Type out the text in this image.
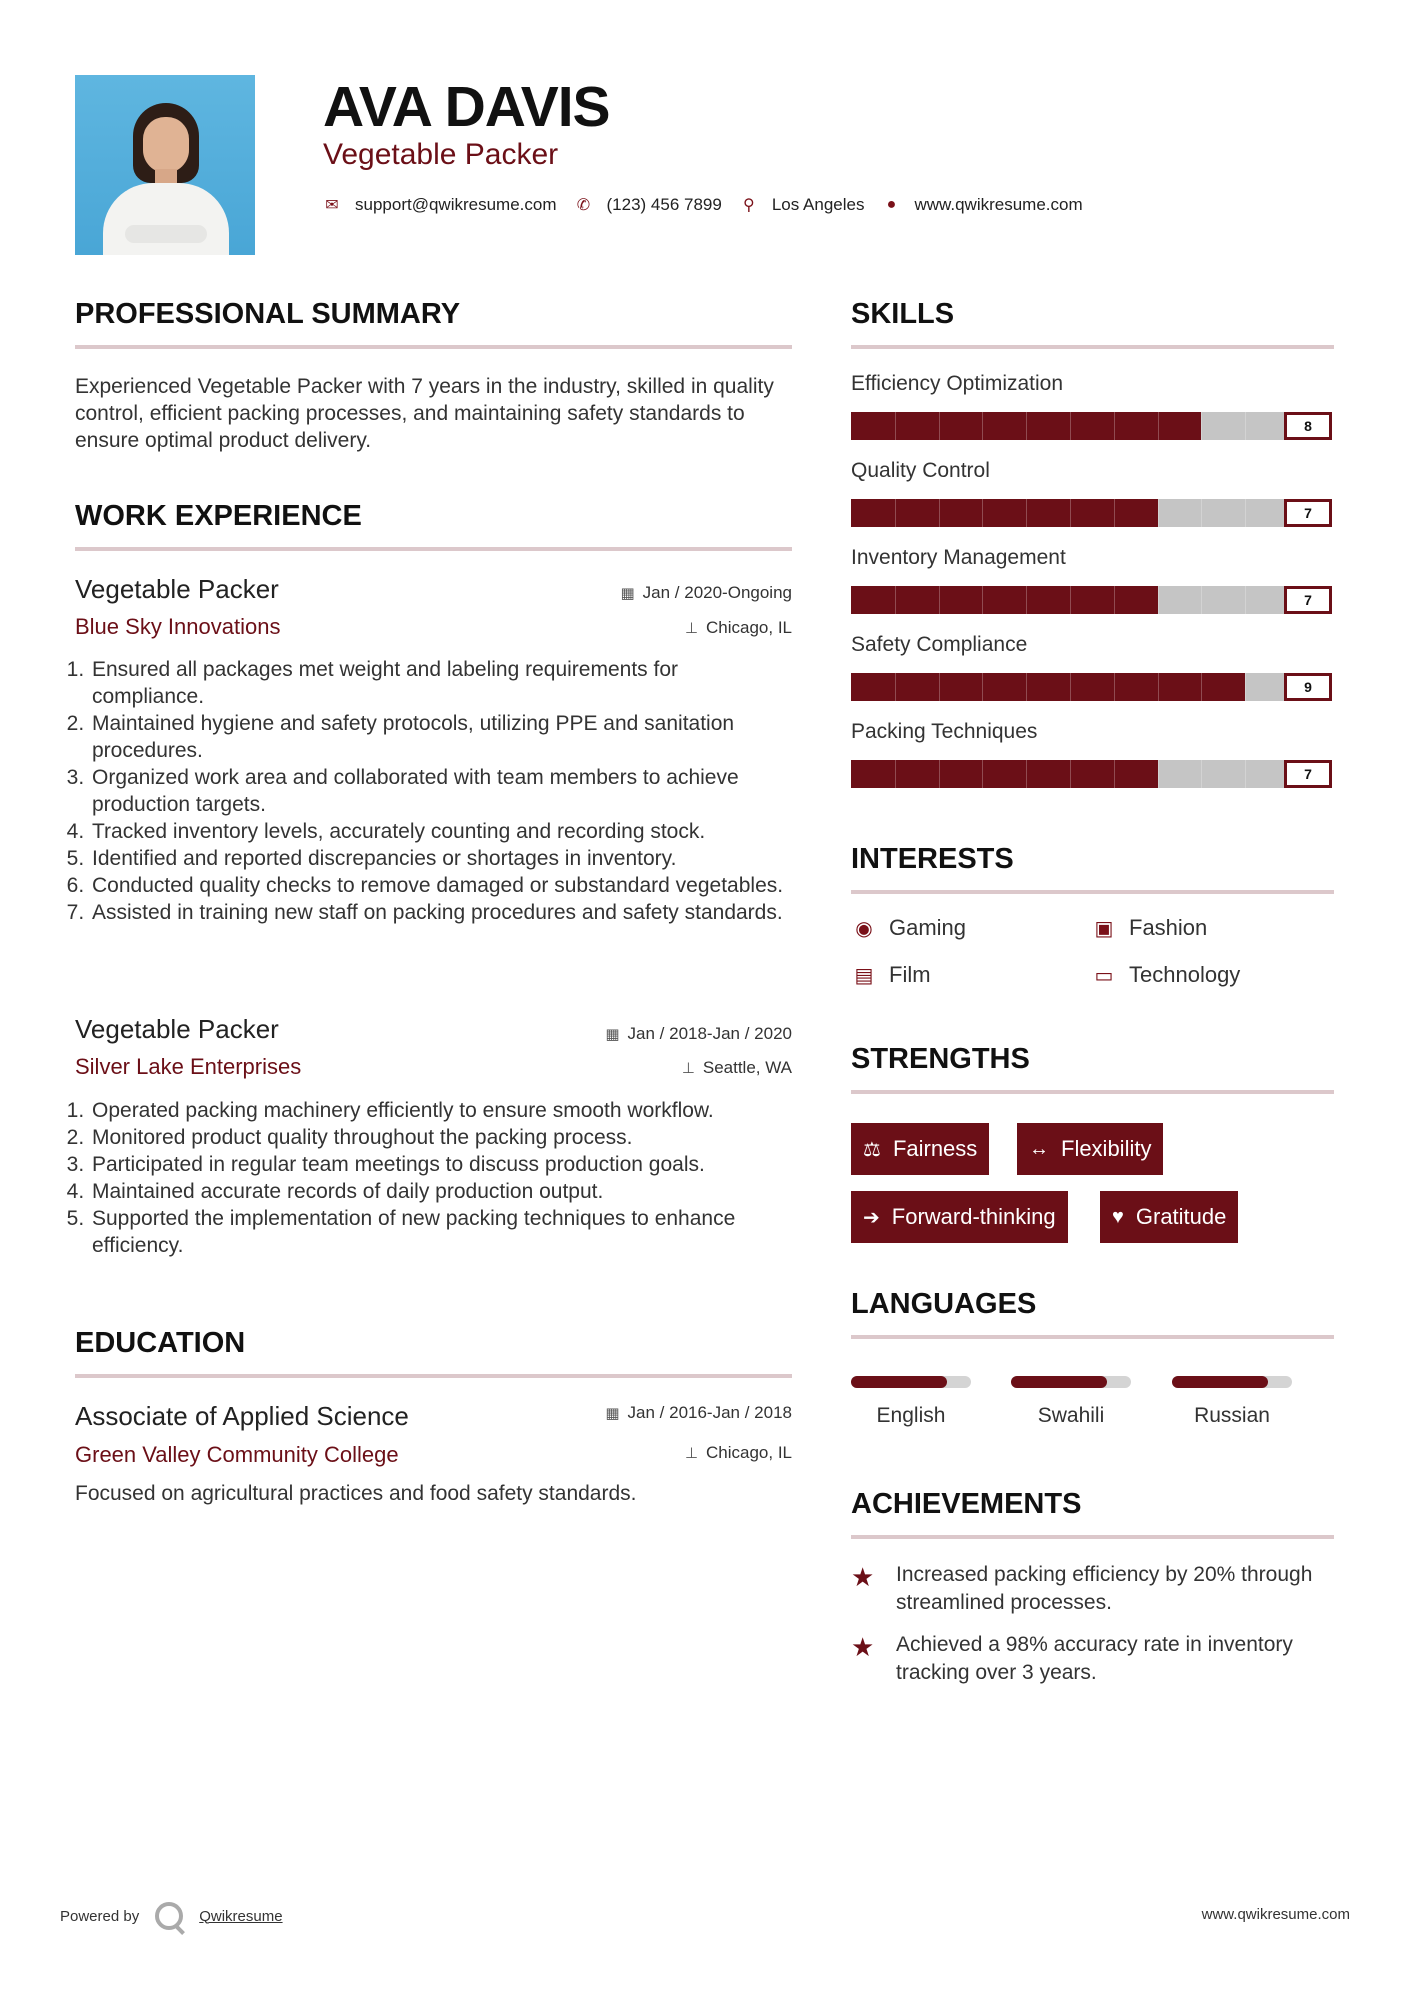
AVA DAVIS
Vegetable Packer
✉ support@qwikresume.com ✆ (123) 456 7899 ⚲ Los Angeles ● www.qwikresume.com
PROFESSIONAL SUMMARY
Experienced Vegetable Packer with 7 years in the industry, skilled in quality control, efficient packing processes, and maintaining safety standards to ensure optimal product delivery.
WORK EXPERIENCE
Vegetable Packer	▦ Jan / 2020-Ongoing
Blue Sky Innovations	⊥ Chicago, IL
1. Ensured all packages met weight and labeling requirements for compliance.
2. Maintained hygiene and safety protocols, utilizing PPE and sanitation procedures.
3. Organized work area and collaborated with team members to achieve production targets.
4. Tracked inventory levels, accurately counting and recording stock.
5. Identified and reported discrepancies or shortages in inventory.
6. Conducted quality checks to remove damaged or substandard vegetables.
7. Assisted in training new staff on packing procedures and safety standards.
Vegetable Packer	▦ Jan / 2018-Jan / 2020
Silver Lake Enterprises	⊥ Seattle, WA
1. Operated packing machinery efficiently to ensure smooth workflow.
2. Monitored product quality throughout the packing process.
3. Participated in regular team meetings to discuss production goals.
4. Maintained accurate records of daily production output.
5. Supported the implementation of new packing techniques to enhance efficiency.
EDUCATION
Associate of Applied Science	▦ Jan / 2016-Jan / 2018
Green Valley Community College	⊥ Chicago, IL
Focused on agricultural practices and food safety standards.
SKILLS
Efficiency Optimization
8
Quality Control
7
Inventory Management
7
Safety Compliance
9
Packing Techniques
7
INTERESTS
◉ Gaming	▣ Fashion
▤ Film	▭ Technology
STRENGTHS
⚖ Fairness	↔ Flexibility
➔ Forward-thinking	♥ Gratitude
LANGUAGES
English	Swahili	Russian
ACHIEVEMENTS
★ Increased packing efficiency by 20% through streamlined processes.
★ Achieved a 98% accuracy rate in inventory tracking over 3 years.
Powered by	Qwikresume	www.qwikresume.com
